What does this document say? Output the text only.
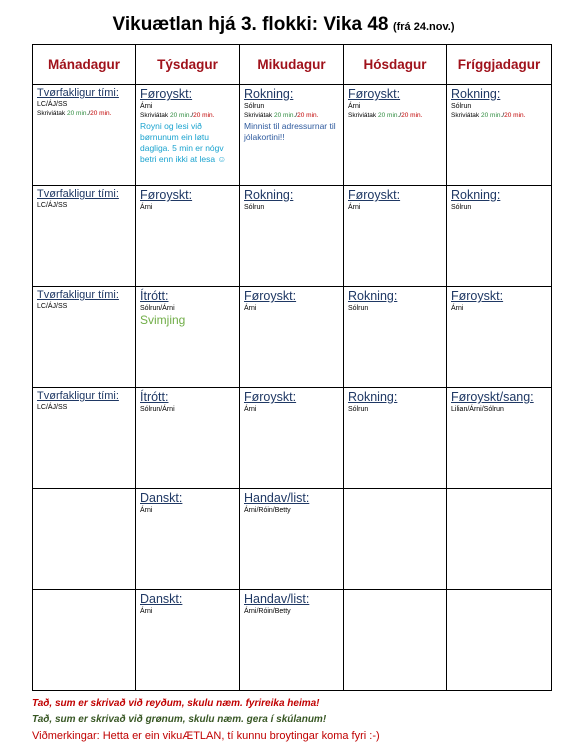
Vikuætlan hjá 3. flokki: Vika 48 (frá 24.nov.)
Mánadagur	Týsdagur	Mikudagur	Hósdagur	Fríggjadagur

Tvørfakligur tími:
LC/ÁJ/SS
Skriviátak 20 min./20 min.	Føroyskt:
Árni
Skriviátak 20 min./20 min.
Royni og lesi við børnunum ein løtu dagliga. 5 min er nógv betri enn ikki at lesa ☺	Rokning:
Sólrun
Skriviátak 20 min./20 min.
Minnist til adressurnar til jólakortini!!	Føroyskt:
Árni
Skriviátak 20 min./20 min.	Rokning:
Sólrun
Skriviátak 20 min./20 min.

Tvørfakligur tími:
LC/ÁJ/SS	Føroyskt:
Árni	Rokning:
Sólrun	Føroyskt:
Árni	Rokning:
Sólrun

Tvørfakligur tími:
LC/ÁJ/SS	Ítrótt:
Sólrun/Árni
Svimjing	Føroyskt:
Árni	Rokning:
Sólrun	Føroyskt:
Árni

Tvørfakligur tími:
LC/ÁJ/SS	Ítrótt:
Sólrun/Árni	Føroyskt:
Árni	Rokning:
Sólrun	Føroyskt/sang:
Lilian/Árni/Sólrun

	Danskt:
Árni	Handav/list:
Árni/Róin/Betty		

	Danskt:
Árni	Handav/list:
Árni/Róin/Betty		

Tað, sum er skrivað við reyðum, skulu næm. fyrireika heima!
Tað, sum er skrivað við grønum, skulu næm. gera í skúlanum!
Viðmerkingar: Hetta er ein vikuÆTLAN, tí kunnu broytingar koma fyri :-)
